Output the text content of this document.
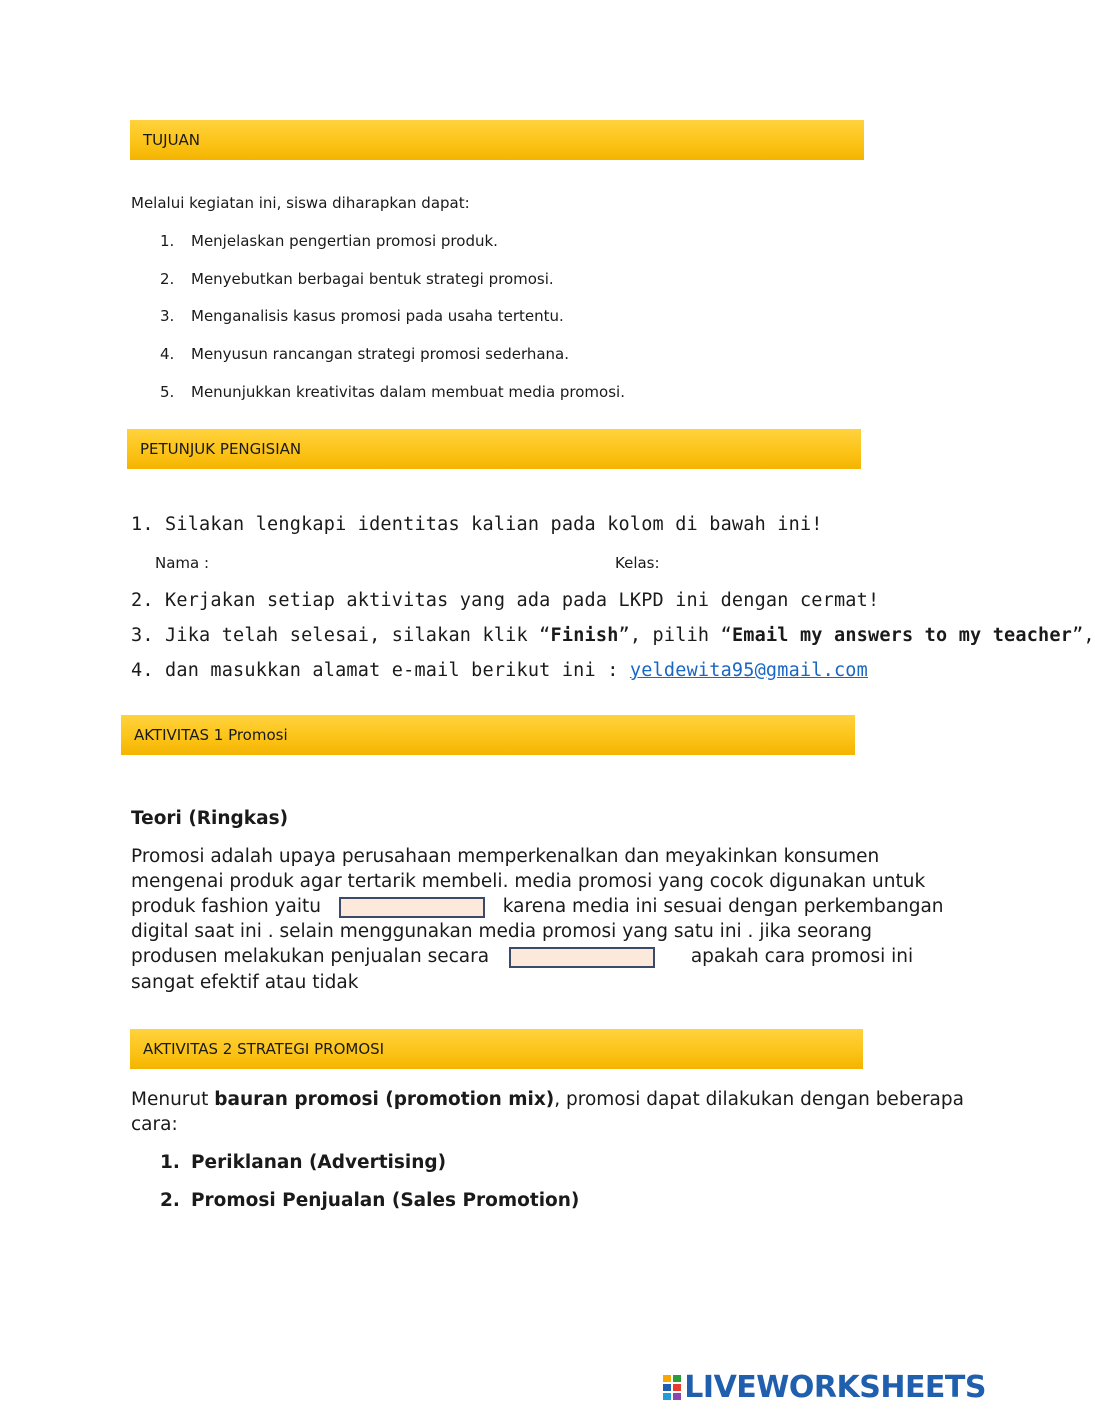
TUJUAN
Melalui kegiatan ini, siswa diharapkan dapat:
1.	Menjelaskan pengertian promosi produk.
2.	Menyebutkan berbagai bentuk strategi promosi.
3.	Menganalisis kasus promosi pada usaha tertentu.
4.	Menyusun rancangan strategi promosi sederhana.
5.	Menunjukkan kreativitas dalam membuat media promosi.
PETUNJUK PENGISIAN
1. Silakan lengkapi identitas kalian pada kolom di bawah ini!
Nama :	Kelas:
2. Kerjakan setiap aktivitas yang ada pada LKPD ini dengan cermat!
3. Jika telah selesai, silakan klik “Finish”, pilih “Email my answers to my teacher”,
4. dan masukkan alamat e-mail berikut ini : yeldewita95@gmail.com
AKTIVITAS 1 Promosi
Teori (Ringkas)
Promosi adalah upaya perusahaan memperkenalkan dan meyakinkan konsumen
mengenai produk agar tertarik membeli. media promosi yang cocok digunakan untuk
produk fashion yaitu	karena media ini sesuai dengan perkembangan
digital saat ini . selain menggunakan media promosi yang satu ini . jika seorang
produsen melakukan penjualan secara	apakah cara promosi ini
sangat efektif atau tidak
AKTIVITAS 2 STRATEGI PROMOSI
Menurut bauran promosi (promotion mix), promosi dapat dilakukan dengan beberapa
cara:
1. Periklanan (Advertising)
2. Promosi Penjualan (Sales Promotion)
LIVEWORKSHEETS
